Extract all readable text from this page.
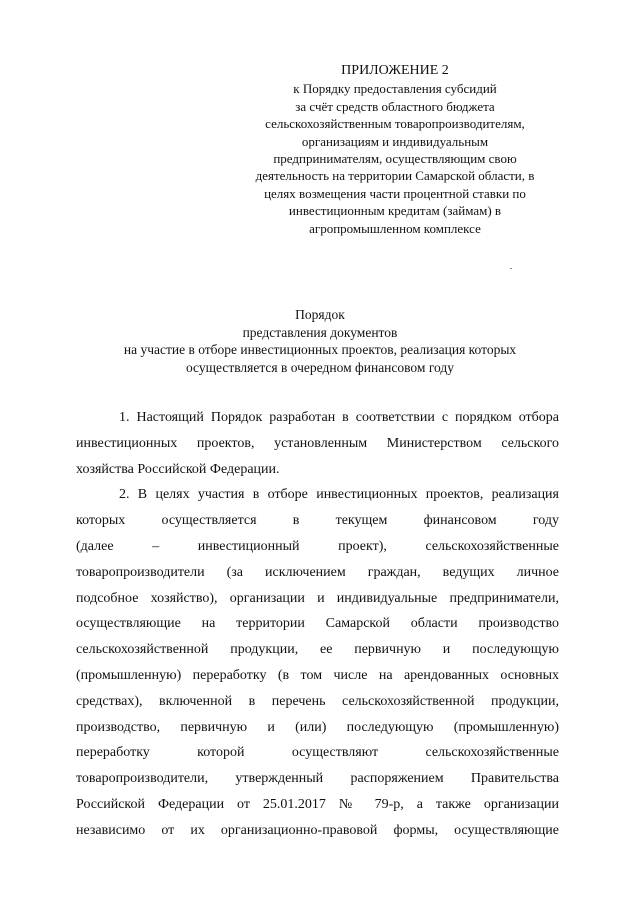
ПРИЛОЖЕНИЕ 2
к Порядку предоставления субсидий
за счёт средств областного бюджета
сельскохозяйственным товаропроизводителям,
организациям и индивидуальным
предпринимателям, осуществляющим свою
деятельность на территории Самарской области, в
целях возмещения части процентной ставки по
инвестиционным кредитам (займам) в
агропромышленном комплексе
Порядок
представления документов
на участие в отборе инвестиционных проектов, реализация которых
осуществляется в очередном финансовом году
1. Настоящий Порядок разработан в соответствии с порядком отбора
инвестиционных проектов, установленным Министерством сельского
хозяйства Российской Федерации.
2. В целях участия в отборе инвестиционных проектов, реализация
которых осуществляется в текущем финансовом году
(далее – инвестиционный проект), сельскохозяйственные
товаропроизводители (за исключением граждан, ведущих личное
подсобное хозяйство), организации и индивидуальные предприниматели,
осуществляющие на территории Самарской области производство
сельскохозяйственной продукции, ее первичную и последующую
(промышленную) переработку (в том числе на арендованных основных
средствах), включенной в перечень сельскохозяйственной продукции,
производство, первичную и (или) последующую (промышленную)
переработку которой осуществляют сельскохозяйственные
товаропроизводители, утвержденный распоряжением Правительства
Российской Федерации от 25.01.2017 № 79-р, а также организации
независимо от их организационно-правовой формы, осуществляющие
